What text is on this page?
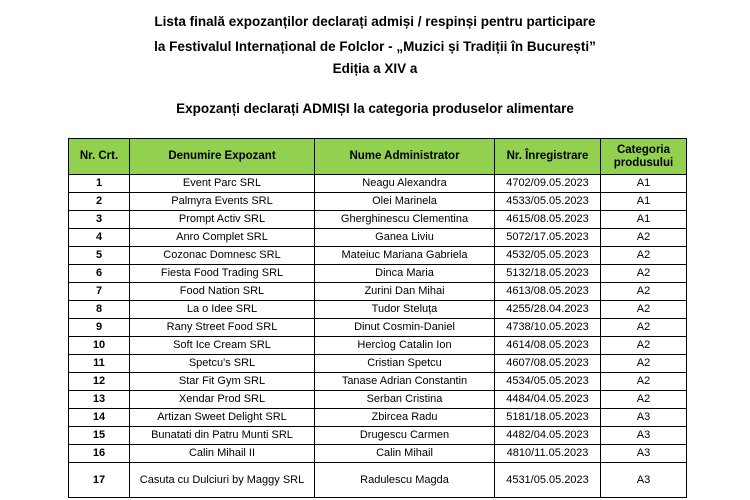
Lista finală expozanților declarați admiși / respinși pentru participare
la Festivalul Internațional de Folclor - „Muzici și Tradiții în București”
Ediția a XIV a
Expozanți declarați ADMIȘI la categoria produselor alimentare
Nr. Crt.	Denumire Expozant	Nume Administrator	Nr. Înregistrare	Categoria
produsului
1	Event Parc SRL	Neagu Alexandra	4702/09.05.2023	A1
2	Palmyra Events SRL	Olei Marinela	4533/05.05.2023	A1
3	Prompt Activ SRL	Gherghinescu Clementina	4615/08.05.2023	A1
4	Anro Complet SRL	Ganea Liviu	5072/17.05.2023	A2
5	Cozonac Domnesc SRL	Mateiuc Mariana Gabriela	4532/05.05.2023	A2
6	Fiesta Food Trading SRL	Dinca Maria	5132/18.05.2023	A2
7	Food Nation SRL	Zurini Dan Mihai	4613/08.05.2023	A2
8	La o Idee SRL	Tudor Steluța	4255/28.04.2023	A2
9	Rany Street Food SRL	Dinut Cosmin-Daniel	4738/10.05.2023	A2
10	Soft Ice Cream SRL	Hercìog Catalin Ion	4614/08.05.2023	A2
11	Spetcu's SRL	Cristian Spetcu	4607/08.05.2023	A2
12	Star Fit Gym SRL	Tanase Adrian Constantin	4534/05.05.2023	A2
13	Xendar Prod SRL	Serban Cristina	4484/04.05.2023	A2
14	Artizan Sweet Delight SRL	Zbircea Radu	5181/18.05.2023	A3
15	Bunatati din Patru Munti SRL	Drugescu Carmen	4482/04.05.2023	A3
16	Calin Mihail II	Calin Mihail	4810/11.05.2023	A3
17	Casuta cu Dulciuri by Maggy SRL	Radulescu Magda	4531/05.05.2023	A3
